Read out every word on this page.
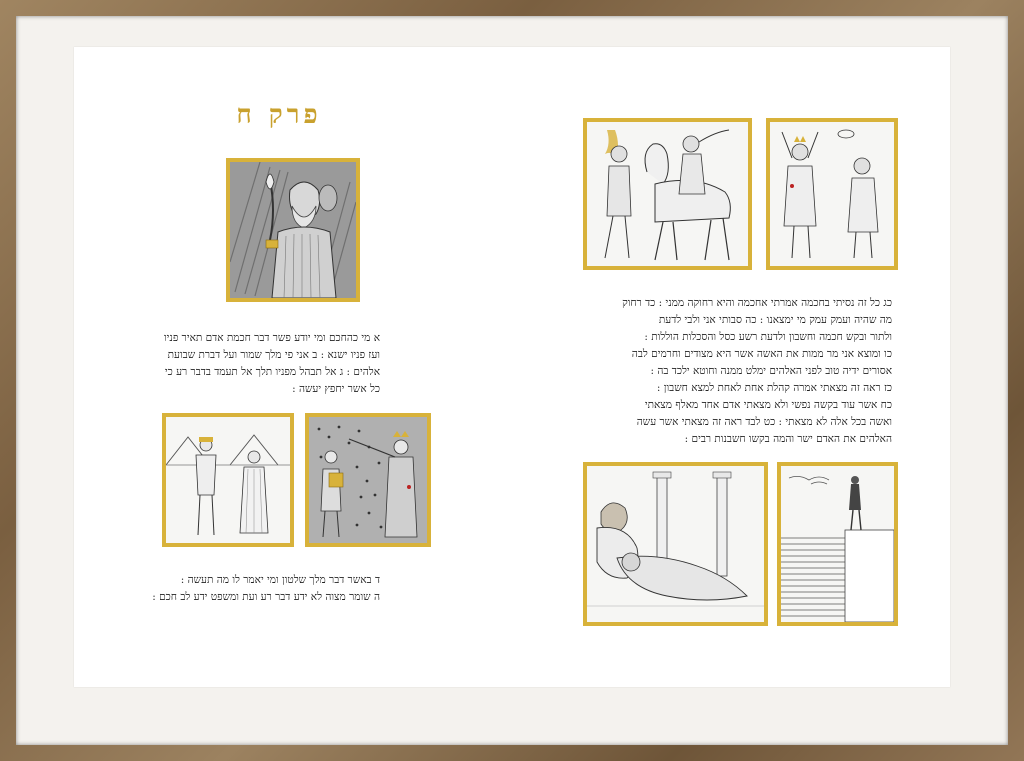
פרק ח

א מי כהחכם ומי יודע פשר דבר חכמת אדם תאיר פניו

ועז פניו ישנא : ב אני פי מלך שמור ועל דברת שבועת

אלהים : ג אל תבהל מפניו תלך אל תעמד בדבר רע כי

כל אשר יחפץ יעשה :

ד באשר דבר מלך שלטון ומי יאמר לו מה תעשה :

ה שומר מצוה לא ידע דבר רע ועת ומשפט ידע לב חכם :

כג כל זה נסיתי בחכמה אמרתי אחכמה והיא רחוקה ממני : כד רחוק

מה שהיה ועמק עמק מי ימצאנו : כה סבותי אני ולבי לדעת

ולתור ובקש חכמה וחשבון ולדעת רשע כסל והסכלות הוללות :

כו ומוצא אני מר ממות את האשה אשר היא מצודים וחרמים לבה

אסורים ידיה טוב לפני האלהים ימלט ממנה וחוטא ילכד בה :

כז ראה זה מצאתי אמרה קהלת אחת לאחת למצא חשבון :

כח אשר עוד בקשה נפשי ולא מצאתי אדם אחד מאלף מצאתי

ואשה בכל אלה לא מצאתי : כט לבד ראה זה מצאתי אשר עשה

האלהים את האדם ישר והמה בקשו חשבנות רבים :
